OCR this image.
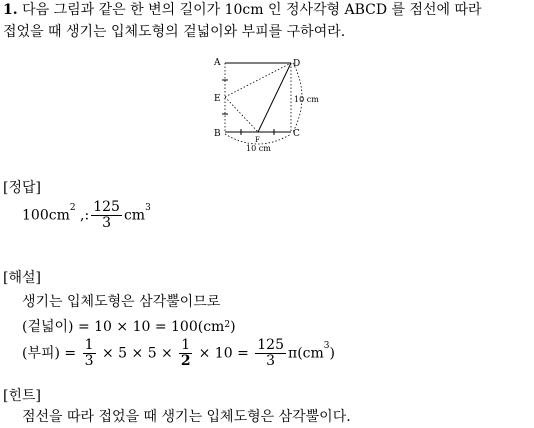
1. 다음 그림과 같은 한 변의 길이가 10cm 인 정사각형 ABCD 를 점선에 따라
접었을 때 생기는 입체도형의 겉넓이와 부피를 구하여라.
A	D
E
B	C
F
10 cm
10 cm
[정답]
$100cm^2$ ,: $\frac{125}{3} cm^3$
[해설]
생기는 입체도형은 삼각뿔이므로
(겉넓이) = $10 \times 10 = 100(cm^2)$
(부피) = $\frac{1}{3} \times 5 \times 5 \times \frac{1}{2} \times 10 = \frac{125}{3} \pi(cm^3)$
[힌트]
점선을 따라 접었을 때 생기는 입체도형은 삼각뿔이다.
